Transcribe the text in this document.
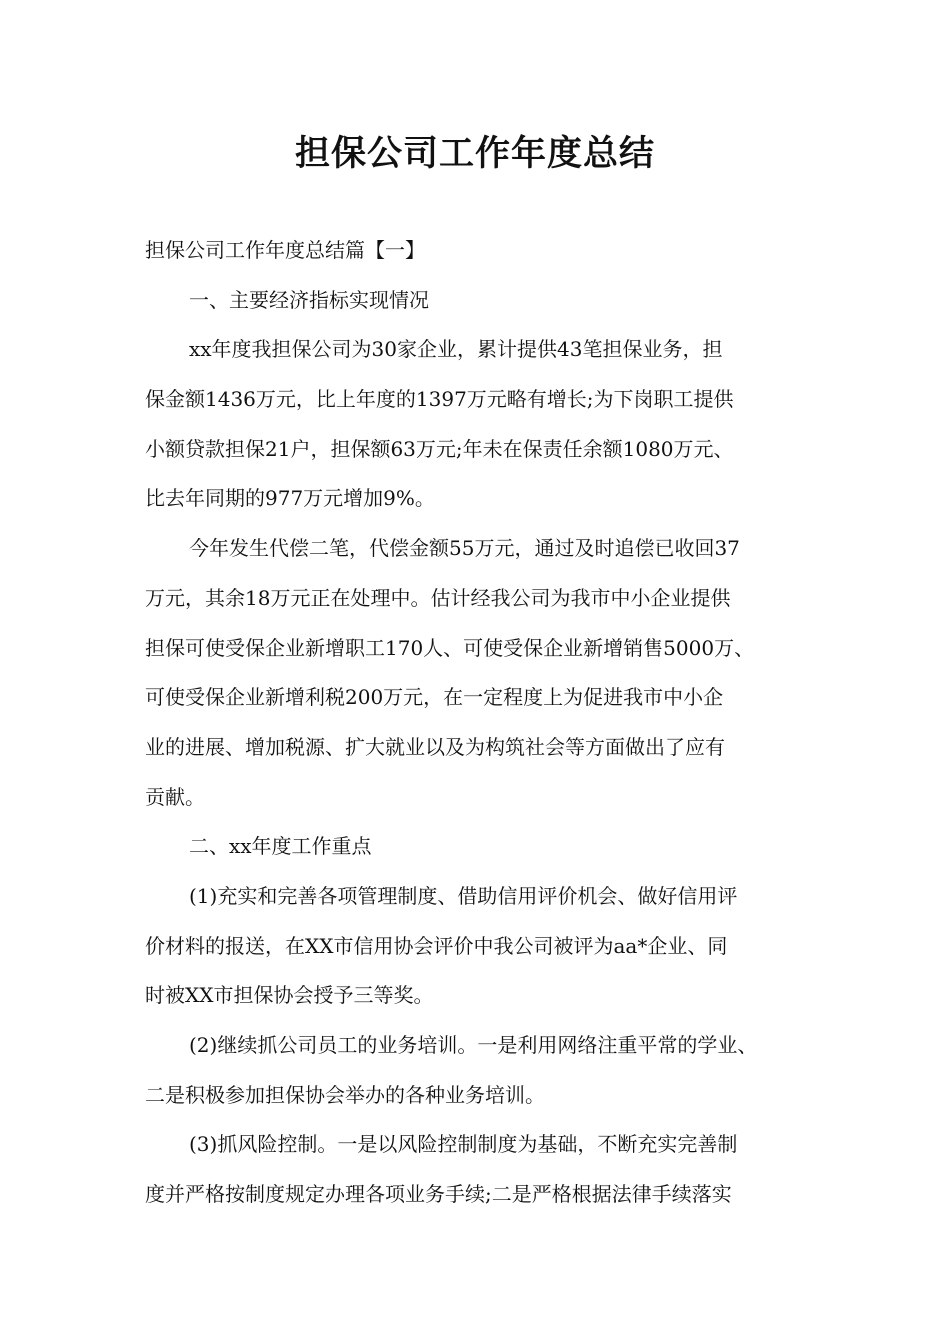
担保公司工作年度总结
担保公司工作年度总结篇【一】
一、主要经济指标实现情况
xx年度我担保公司为30家企业，累计提供43笔担保业务，担
保金额1436万元，比上年度的1397万元略有增长;为下岗职工提供
小额贷款担保21户，担保额63万元;年未在保责任余额1080万元、
比去年同期的977万元增加9%。
今年发生代偿二笔，代偿金额55万元，通过及时追偿已收回37
万元，其余18万元正在处理中。估计经我公司为我市中小企业提供
担保可使受保企业新增职工170人、可使受保企业新增销售5000万、
可使受保企业新增利税200万元，在一定程度上为促进我市中小企
业的进展、增加税源、扩大就业以及为构筑社会等方面做出了应有
贡献。
二、xx年度工作重点
(1)充实和完善各项管理制度、借助信用评价机会、做好信用评
价材料的报送，在XX市信用协会评价中我公司被评为aa*企业、同
时被XX市担保协会授予三等奖。
(2)继续抓公司员工的业务培训。一是利用网络注重平常的学业、
二是积极参加担保协会举办的各种业务培训。
(3)抓风险控制。一是以风险控制制度为基础，不断充实完善制
度并严格按制度规定办理各项业务手续;二是严格根据法律手续落实
